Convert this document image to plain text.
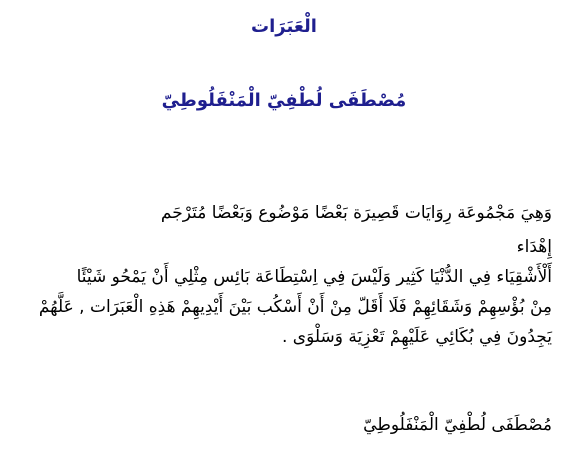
الْعَبَرَات
مُصْطَفَى لُطْفِيّ الْمَنْفَلُوطِيّ
وَهِيَ مَجْمُوعَة رِوَايَات قَصِيرَة بَعْضًا مَوْضُوع وَبَعْضًا مُتَرْجَم
إِهْدَاء
أَلْأَشْقِيَاء فِي الدُّنْيَا كَثِير وَلَيْسَ فِي اِسْتِطَاعَة بَائِس مِثْلِي أَنْ يَمْحُو شَيْئًا
مِنْ بُؤْسِهِمْ وَشَقَائِهِمْ فَلَا أَقَلّ مِنْ أَنْ أَسْكُب بَيْنَ أَيْدِيهِمْ هَذِهِ الْعَبَرَات , عَلَّهُمْ
يَجِدُونَ فِي بُكَائِي عَلَيْهِمْ تَعْزِيَة وَسَلْوَى .
مُصْطَفَى لُطْفِيّ الْمَنْفَلُوطِيّ
